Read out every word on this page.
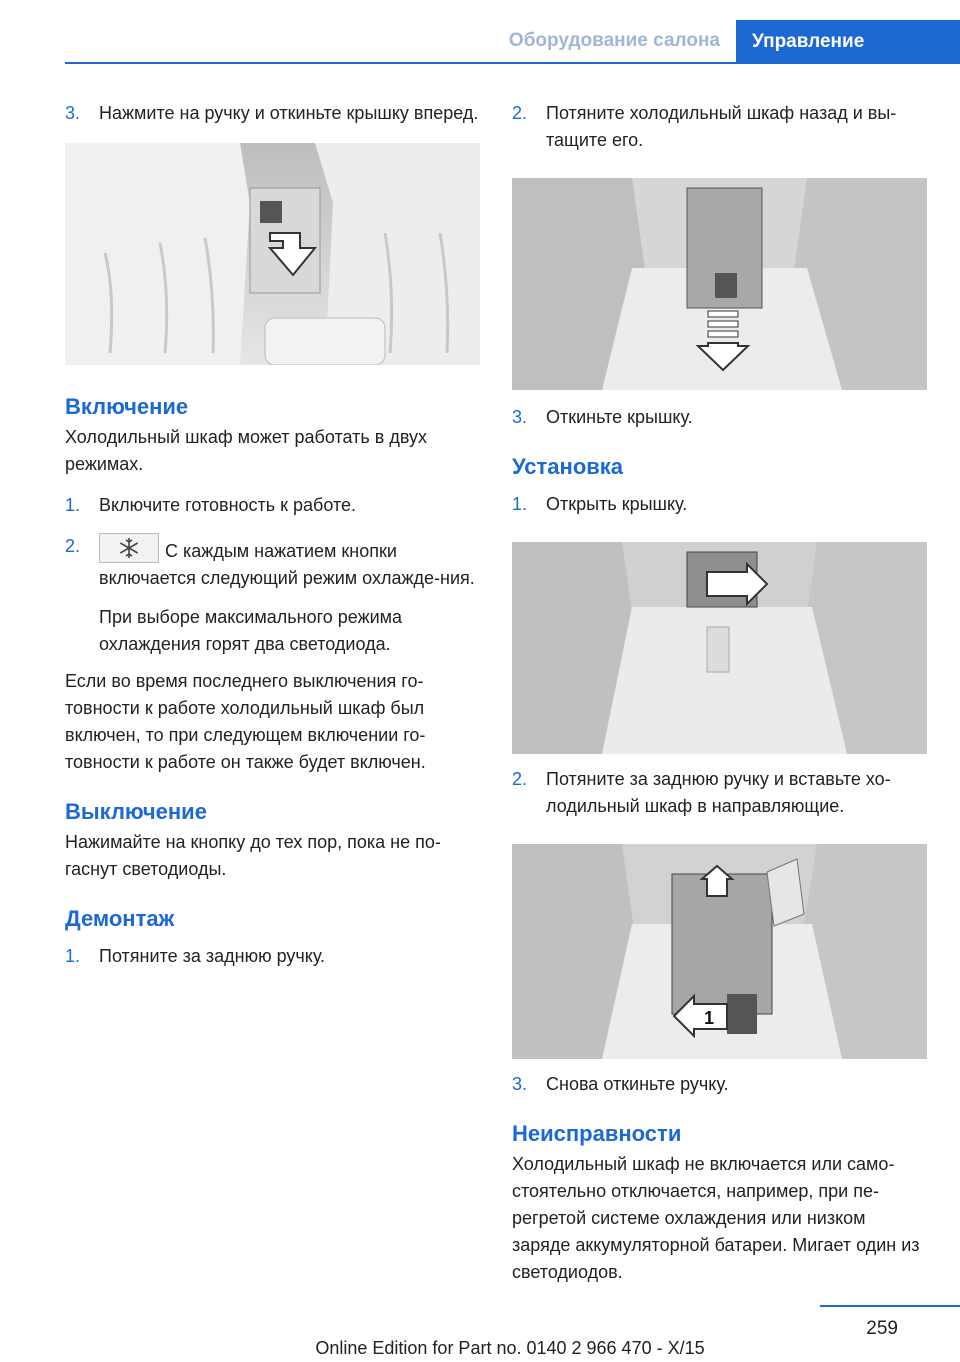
Оборудование салона	Управление
3. Нажмите на ручку и откиньте крышку вперед.
Включение
Холодильный шкаф может работать в двух режимах.
1. Включите готовность к работе.
2.	С каждым нажатием кнопки включается следующий режим охлажде-ния.
При выборе максимального режима охлаждения горят два светодиода.
Если во время последнего выключения го-товности к работе холодильный шкаф был включен, то при следующем включении го-товности к работе он также будет включен.
Выключение
Нажимайте на кнопку до тех пор, пока не по-гаснут светодиоды.
Демонтаж
1. Потяните за заднюю ручку.
2. Потяните холодильный шкаф назад и вы-тащите его.
3. Откиньте крышку.
Установка
1. Открыть крышку.
2. Потяните за заднюю ручку и вставьте хо-лодильный шкаф в направляющие.
1
3. Снова откиньте ручку.
Неисправности
Холодильный шкаф не включается или само-стоятельно отключается, например, при пе-регретой системе охлаждения или низком заряде аккумуляторной батареи. Мигает один из светодиодов.
259
Online Edition for Part no. 0140 2 966 470 - X/15
